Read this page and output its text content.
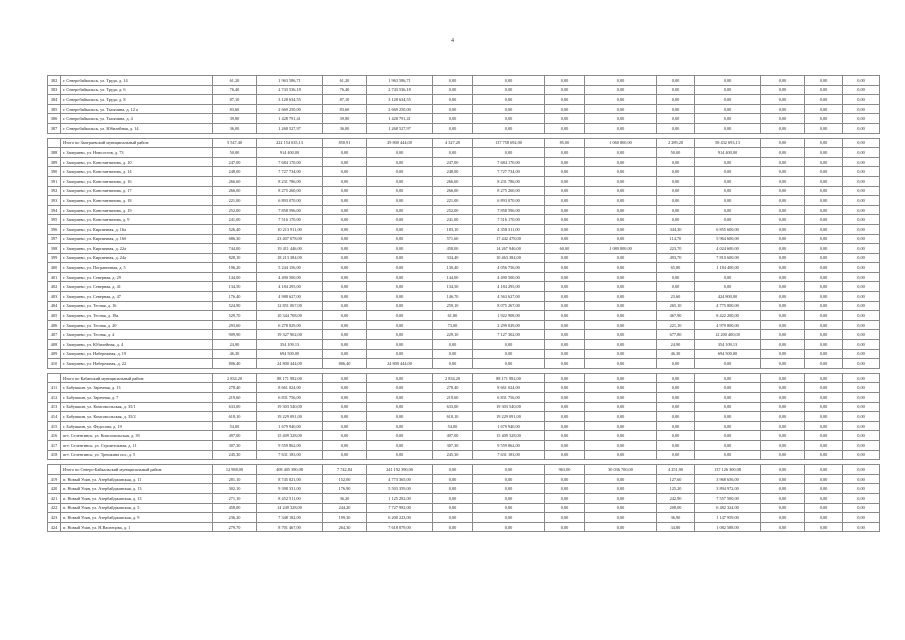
4
382	г. Северобайкальск, ул. Труда, д. 14	61,20	1 963 586,71	61,20	1 963 586,71	0,00	0,00	0,00	0,00	0,00	0,00	0,00	0,00	0,00
383	г. Северобайкальск, ул. Труда, д. 6	76,40	2 743 536,18	76,40	2 743 536,18	0,00	0,00	0,00	0,00	0,00	0,00	0,00	0,00	0,00
384	г. Северобайкальск, ул. Труда, д. 8	87,10	3 128 634,55	87,10	3 128 634,55	0,00	0,00	0,00	0,00	0,00	0,00	0,00	0,00	0,00
385	г. Северобайкальск, ул. Тысячина, д. 12 а	83,60	2 669 250,00	83,60	2 669 250,00	0,00	0,00	0,00	0,00	0,00	0,00	0,00	0,00	0,00
386	г. Северобайкальск, ул. Тысячина, д. 4	39,80	1 428 791,41	39,80	1 428 791,41	0,00	0,00	0,00	0,00	0,00	0,00	0,00	0,00	0,00
387	г. Северобайкальск, ул. Юбилейная, д. 14	36,00	1 268 527,97	36,00	1 268 527,97	0,00	0,00	0,00	0,00	0,00	0,00	0,00	0,00	0,00

	Итого по Заиграевский муниципальный район:	5 547,40	222 154 635,13	850,91	29 800 444,00	4 327,20	137 758 692,00	85,00	1 060 800,00	2 289,20	58 432 693,13	0,00	0,00	0,00
388	г. Заиграево, ул. Новоселов, д. 73	50,00	914 400,00	0,00	0,00	0,00	0,00	0,00	0,00	50,00	914 400,00	0,00	0,00	0,00
389	г. Заиграево, ул. Константинова, д. 10	247,00	7 684 170,00	0,00	0,00	247,00	7 684 170,00	0,00	0,00	0,00	0,00	0,00	0,00	0,00
390	г. Заиграево, ул. Константинова, д. 14	248,00	7 727 734,00	0,00	0,00	248,00	7 727 734,00	0,00	0,00	0,00	0,00	0,00	0,00	0,00
391	г. Заиграево, ул. Константинова, д. 16	266,60	8 231 786,00	0,00	0,00	266,60	8 231 786,00	0,00	0,00	0,00	0,00	0,00	0,00	0,00
392	г. Заиграево, ул. Константинова, д. 17	266,00	8 275 260,00	0,00	0,00	266,00	8 275 260,00	0,00	0,00	0,00	0,00	0,00	0,00	0,00
393	г. Заиграево, ул. Константинова, д. 18	221,00	6 893 070,00	0,00	0,00	221,00	6 893 070,00	0,00	0,00	0,00	0,00	0,00	0,00	0,00
394	г. Заиграево, ул. Константинова, д. 19	252,00	7 858 596,00	0,00	0,00	252,00	7 858 596,00	0,00	0,00	0,00	0,00	0,00	0,00	0,00
395	г. Заиграево, ул. Константинова, д. 9	241,00	7 516 170,00	0,00	0,00	241,00	7 516 170,00	0,00	0,00	0,00	0,00	0,00	0,00	0,00
396	г. Заиграево, ул. Кирпичная, д. 16а	526,40	10 213 911,00	0,00	0,00	183,10	4 358 311,00	0,00	0,00	344,30	6 855 600,00	0,00	0,00	0,00
397	г. Заиграево, ул. Кирпичная, д. 16б	686,30	23 407 078,00	0,00	0,00	571,60	17 442 478,00	0,00	0,00	114,70	5 964 600,00	0,00	0,00	0,00
398	г. Заиграево, ул. Кирпичная, д. 22а	744,00	19 411 446,00	0,00	0,00	458,00	14 267 946,00	60,00	1 080 800,00	223,70	4 024 600,00	0,00	0,00	0,00
399	г. Заиграево, ул. Кирпичная, д. 24а	828,10	18 213 384,00	0,00	0,00	334,40	10 463 384,00	0,00	0,00	493,70	7 810 600,00	0,00	0,00	0,00
400	г. Заиграево, ул. Пограничная, д. 5	196,20	5 244 156,00	0,00	0,00	130,40	4 056 756,00	0,00	0,00	65,80	1 184 400,00	0,00	0,00	0,00
401	г. Заиграево, ул. Северная, д. 29	144,00	4 490 500,00	0,00	0,00	144,00	4 490 500,00	0,00	0,00	0,00	0,00	0,00	0,00	0,00
402	г. Заиграево, ул. Северная, д. 41	134,50	4 184 295,00	0,00	0,00	134,50	4 184 295,00	0,00	0,00	0,00	0,00	0,00	0,00	0,00
403	г. Заиграево, ул. Северная, д. 47	176,40	4 988 627,00	0,00	0,00	146,70	4 563 627,00	0,00	0,00	23,60	424 800,00	0,00	0,00	0,00
404	г. Заиграево, ул. Тесная, д. 16	524,90	12 851 067,00	0,00	0,00	259,10	8 075 267,00	0,00	0,00	265,10	4 775 800,00	0,00	0,00	0,00
405	г. Заиграево, ул. Тесная, д. 18а	529,70	10 344 708,00	0,00	0,00	61,80	1 922 908,00	0,00	0,00	467,90	8 422 200,00	0,00	0,00	0,00
406	г. Заиграево, ул. Тесная, д. 20	293,60	6 278 829,00	0,00	0,00	73,00	2 299 029,00	0,00	0,00	221,10	4 979 800,00	0,00	0,00	0,00
407	г. Заиграево, ул. Тесная, д. 4	909,90	19 327 902,00	0,00	0,00	229,10	7 127 302,00	0,00	0,00	677,80	12 200 400,00	0,00	0,00	0,00
408	г. Заиграево, ул. Юбилейная, д. 4	24,90	354 109,13	0,00	0,00	0,00	0,00	0,00	0,00	24,90	354 109,13	0,00	0,00	0,00
409	г. Заиграево, ул. Набережная, д. 19	46,30	694 500,00	0,00	0,00	0,00	0,00	0,00	0,00	46,30	694 500,00	0,00	0,00	0,00
410	г. Заиграево, ул. Набережная, д. 22	806,40	24 800 444,00	806,40	24 800 444,00	0,00	0,00	0,00	0,00	0,00	0,00	0,00	0,00	0,00

	Итого по Кабанский муниципальный район:	2 834,20	88 171 982,00	0,00	0,00	2 834,20	88 171 982,00	0,00	0,00	0,00	0,00	0,00	0,00	0,00
411	г. Бабушкин, ул. Заречная, д. 13	278,40	8 661 024,00	0,00	0,00	278,40	8 661 024,00	0,00	0,00	0,00	0,00	0,00	0,00	0,00
412	г. Бабушкин, ул. Заречная, д. 7	219,60	6 831 756,00	0,00	0,00	219,60	6 831 756,00	0,00	0,00	0,00	0,00	0,00	0,00	0,00
413	г. Бабушкин, ул. Комсомольская, д. 35/1	633,00	19 303 540,00	0,00	0,00	633,00	19 303 540,00	0,00	0,00	0,00	0,00	0,00	0,00	0,00
414	г. Бабушкин, ул. Комсомольская, д. 35/2	618,10	19 229 091,00	0,00	0,00	618,10	19 229 091,00	0,00	0,00	0,00	0,00	0,00	0,00	0,00
415	г. Бабушкин, ул. Федосова, д. 19	54,00	1 679 940,00	0,00	0,00	54,00	1 679 940,00	0,00	0,00	0,00	0,00	0,00	0,00	0,00
416	пгт. Селенгинск, ул. Комсомольская, д. 39	497,00	15 409 328,00	0,00	0,00	497,00	15 409 328,00	0,00	0,00	0,00	0,00	0,00	0,00	0,00
417	пгт. Селенгинск, ул. Строительная, д. 11	307,30	9 559 862,00	0,00	0,00	307,30	9 559 862,00	0,00	0,00	0,00	0,00	0,00	0,00	0,00
418	пгт. Селенгинск, ул. Трешкина пос, д. 5	245,30	7 631 183,00	0,00	0,00	245,30	7 631 183,00	0,00	0,00	0,00	0,00	0,00	0,00	0,00

	Итого по Северо-Байкальский муниципальный район:	12 988,00	408 405 390,08	7 742,84	241 192 390,00	0,00	0,00	963,00	30 036 700,00	4 251,90	137 126 300,08	0,00	0,00	0,00
419	п. Новый Уоян, ул. Азербайджанская, д. 11	281,10	8 745 021,00	152,00	4 773 365,00	0,00	0,00	0,00	0,00	127,60	3 968 656,00	0,00	0,00	0,00
420	п. Новый Уоян, ул. Азербайджанская, д. 13	302,10	9 398 331,00	176,90	5 503 359,00	0,00	0,00	0,00	0,00	125,20	3 894 972,00	0,00	0,00	0,00
421	п. Новый Уоян, ул. Азербайджанская, д. 13	271,10	8 452 511,00	36,20	1 125 292,00	0,00	0,00	0,00	0,00	242,90	7 557 500,00	0,00	0,00	0,00
422	п. Новый Уоян, ул. Азербайджанская, д. 5	458,00	14 249 328,00	244,20	7 727 992,00	0,00	0,00	0,00	0,00	208,00	6 482 324,00	0,00	0,00	0,00
423	п. Новый Уоян, ул. Азербайджанская, д. 9	236,20	7 348 182,00	199,30	6 200 223,00	0,00	0,00	0,00	0,00	36,90	1 147 959,00	0,00	0,00	0,00
424	п. Новый Уоян, ул. Н.Васнецова, д. 1	279,70	8 701 467,00	264,30	7 618 879,00	0,00	0,00	0,00	0,00	34,80	1 082 588,00	0,00	0,00	0,00
